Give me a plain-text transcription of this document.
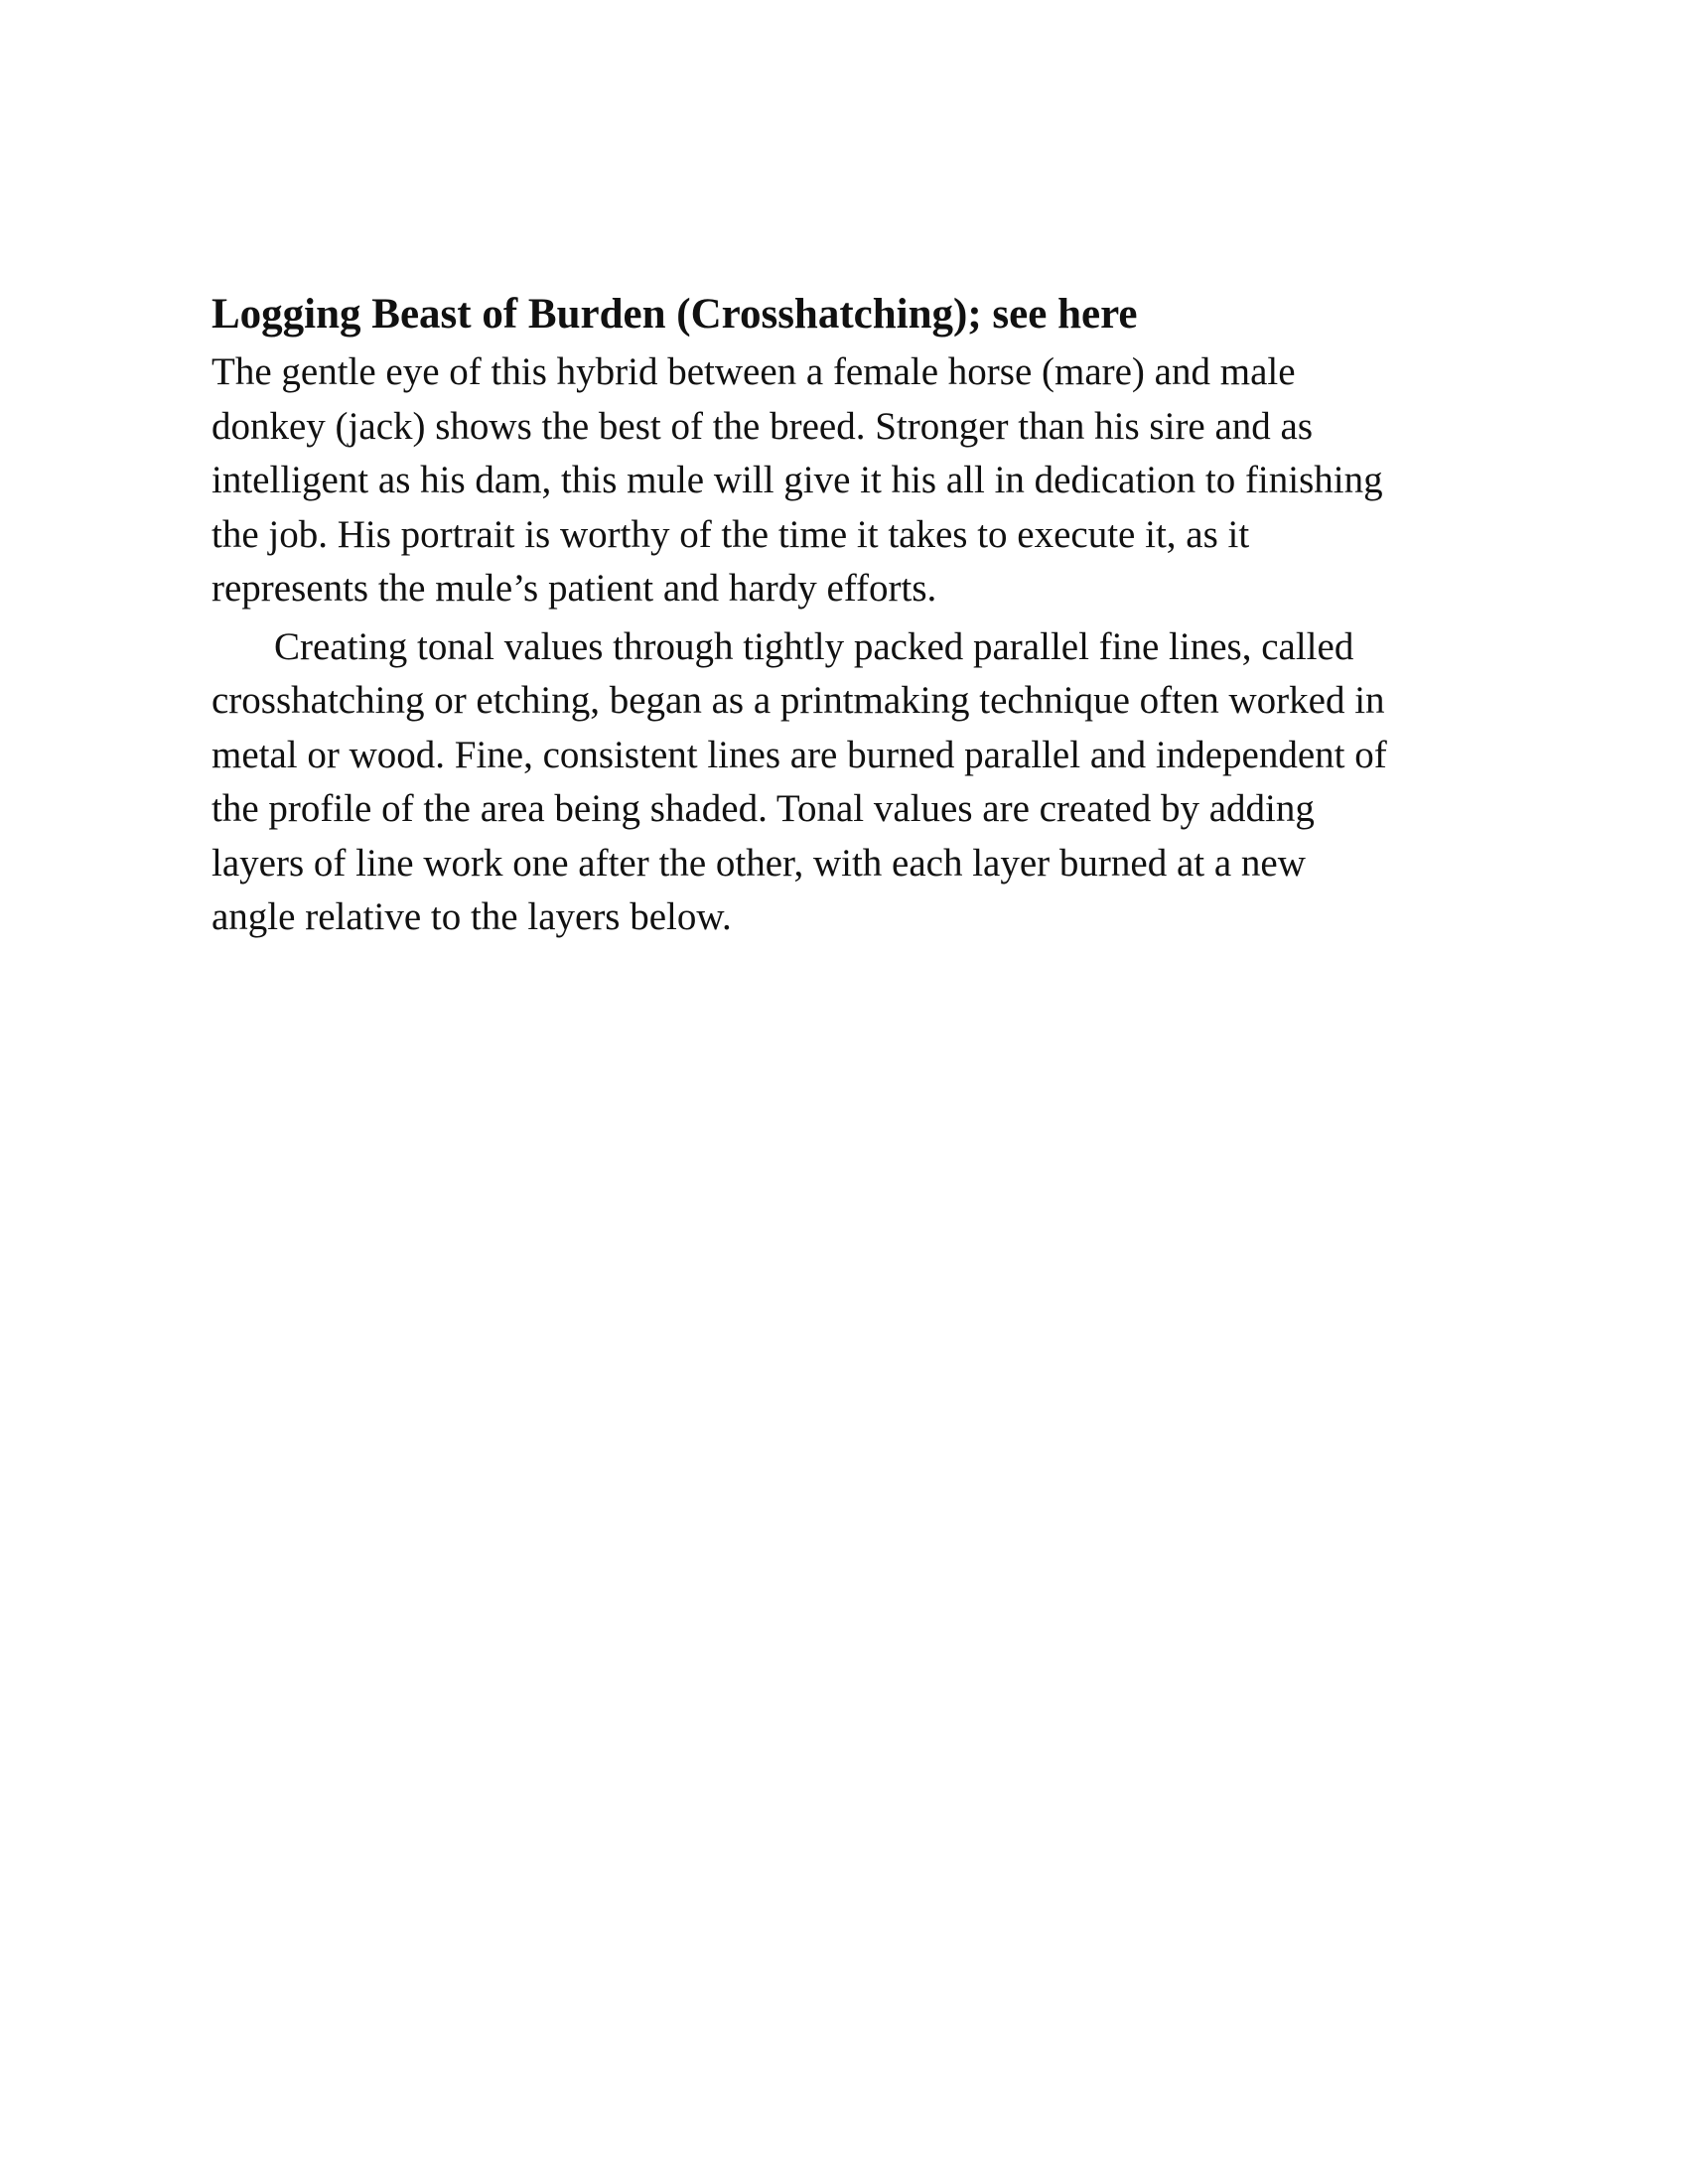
Logging Beast of Burden (Crosshatching); see here

The gentle eye of this hybrid between a female horse (mare) and male
donkey (jack) shows the best of the breed. Stronger than his sire and as
intelligent as his dam, this mule will give it his all in dedication to finishing
the job. His portrait is worthy of the time it takes to execute it, as it
represents the mule’s patient and hardy efforts.

Creating tonal values through tightly packed parallel fine lines, called
crosshatching or etching, began as a printmaking technique often worked in
metal or wood. Fine, consistent lines are burned parallel and independent of
the profile of the area being shaded. Tonal values are created by adding
layers of line work one after the other, with each layer burned at a new
angle relative to the layers below.
